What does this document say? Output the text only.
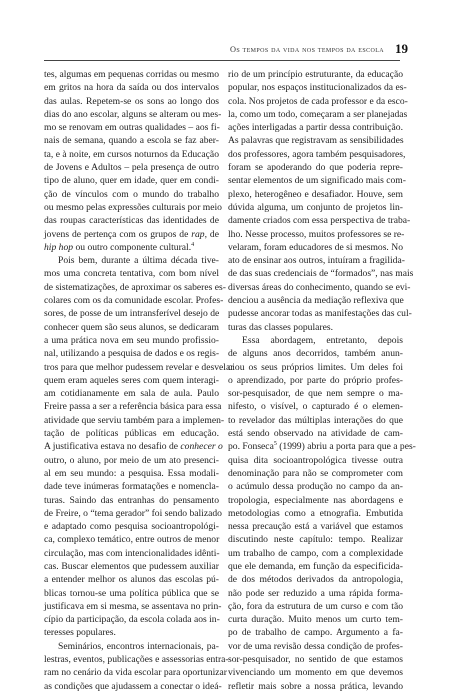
Os tempos da vida nos tempos da escola 19
tes, algumas em pequenas corridas ou mesmo
em gritos na hora da saída ou dos intervalos
das aulas. Repetem-se os sons ao longo dos
dias do ano escolar, alguns se alteram ou mes-
mo se renovam em outras qualidades – aos fi-
nais de semana, quando a escola se faz aber-
ta, e à noite, em cursos noturnos da Educação
de Jovens e Adultos – pela presença de outro
tipo de aluno, quer em idade, quer em condi-
ção de vínculos com o mundo do trabalho
ou mesmo pelas expressões culturais por meio
das roupas características das identidades de
jovens de pertença com os grupos de rap, de
hip hop ou outro componente cultural.$^4$
Pois bem, durante a última década tive-
mos uma concreta tentativa, com bom nível
de sistematizações, de aproximar os saberes es-
colares com os da comunidade escolar. Profes-
sores, de posse de um intransferível desejo de
conhecer quem são seus alunos, se dedicaram
a uma prática nova em seu mundo profissio-
nal, utilizando a pesquisa de dados e os regis-
tros para que melhor pudessem revelar e desvelar
quem eram aqueles seres com quem interagi-
am cotidianamente em sala de aula. Paulo
Freire passa a ser a referência básica para essa
atividade que serviu também para a implemen-
tação de políticas públicas em educação.
A justificativa estava no desafio de conhecer o
outro, o aluno, por meio de um ato presenci-
al em seu mundo: a pesquisa. Essa modali-
dade teve inúmeras formatações e nomencla-
turas. Saindo das entranhas do pensamento
de Freire, o “tema gerador” foi sendo balizado
e adaptado como pesquisa socioantropológi-
ca, complexo temático, entre outros de menor
circulação, mas com intencionalidades idênti-
cas. Buscar elementos que pudessem auxiliar
a entender melhor os alunos das escolas pú-
blicas tornou-se uma política pública que se
justificava em si mesma, se assentava no prin-
cípio da participação, da escola colada aos in-
teresses populares.
Seminários, encontros internacionais, pa-
lestras, eventos, publicações e assessorias entra-
ram no cenário da vida escolar para oportunizar
as condições que ajudassem a conectar o ideá-
rio de um princípio estruturante, da educação
popular, nos espaços institucionalizados da es-
cola. Nos projetos de cada professor e da esco-
la, como um todo, começaram a ser planejadas
ações interligadas a partir dessa contribuição.
As palavras que registravam as sensibilidades
dos professores, agora também pesquisadores,
foram se apoderando do que poderia repre-
sentar elementos de um significado mais com-
plexo, heterogêneo e desafiador. Houve, sem
dúvida alguma, um conjunto de projetos lin-
damente criados com essa perspectiva de traba-
lho. Nesse processo, muitos professores se re-
velaram, foram educadores de si mesmos. No
ato de ensinar aos outros, intuíram a fragilida-
de das suas credenciais de “formados”, nas mais
diversas áreas do conhecimento, quando se evi-
denciou a ausência da mediação reflexiva que
pudesse ancorar todas as manifestações das cul-
turas das classes populares.
Essa abordagem, entretanto, depois
de alguns anos decorridos, também anun-
ciou os seus próprios limites. Um deles foi
o aprendizado, por parte do próprio profes-
sor-pesquisador, de que nem sempre o ma-
nifesto, o visível, o capturado é o elemen-
to revelador das múltiplas interações do que
está sendo observado na atividade de cam-
po. Fonseca$^5$ (1999) abriu a porta para que a pes-
quisa dita socioantropológica tivesse outra
denominação para não se comprometer com
o acúmulo dessa produção no campo da an-
tropologia, especialmente nas abordagens e
metodologias como a etnografia. Embutida
nessa precaução está a variável que estamos
discutindo neste capítulo: tempo. Realizar
um trabalho de campo, com a complexidade
que ele demanda, em função da especificida-
de dos métodos derivados da antropologia,
não pode ser reduzido a uma rápida forma-
ção, fora da estrutura de um curso e com tão
curta duração. Muito menos um curto tem-
po de trabalho de campo. Argumento a fa-
vor de uma revisão dessa condição de profes-
sor-pesquisador, no sentido de que estamos
vivenciando um momento em que devemos
refletir mais sobre a nossa prática, levando
